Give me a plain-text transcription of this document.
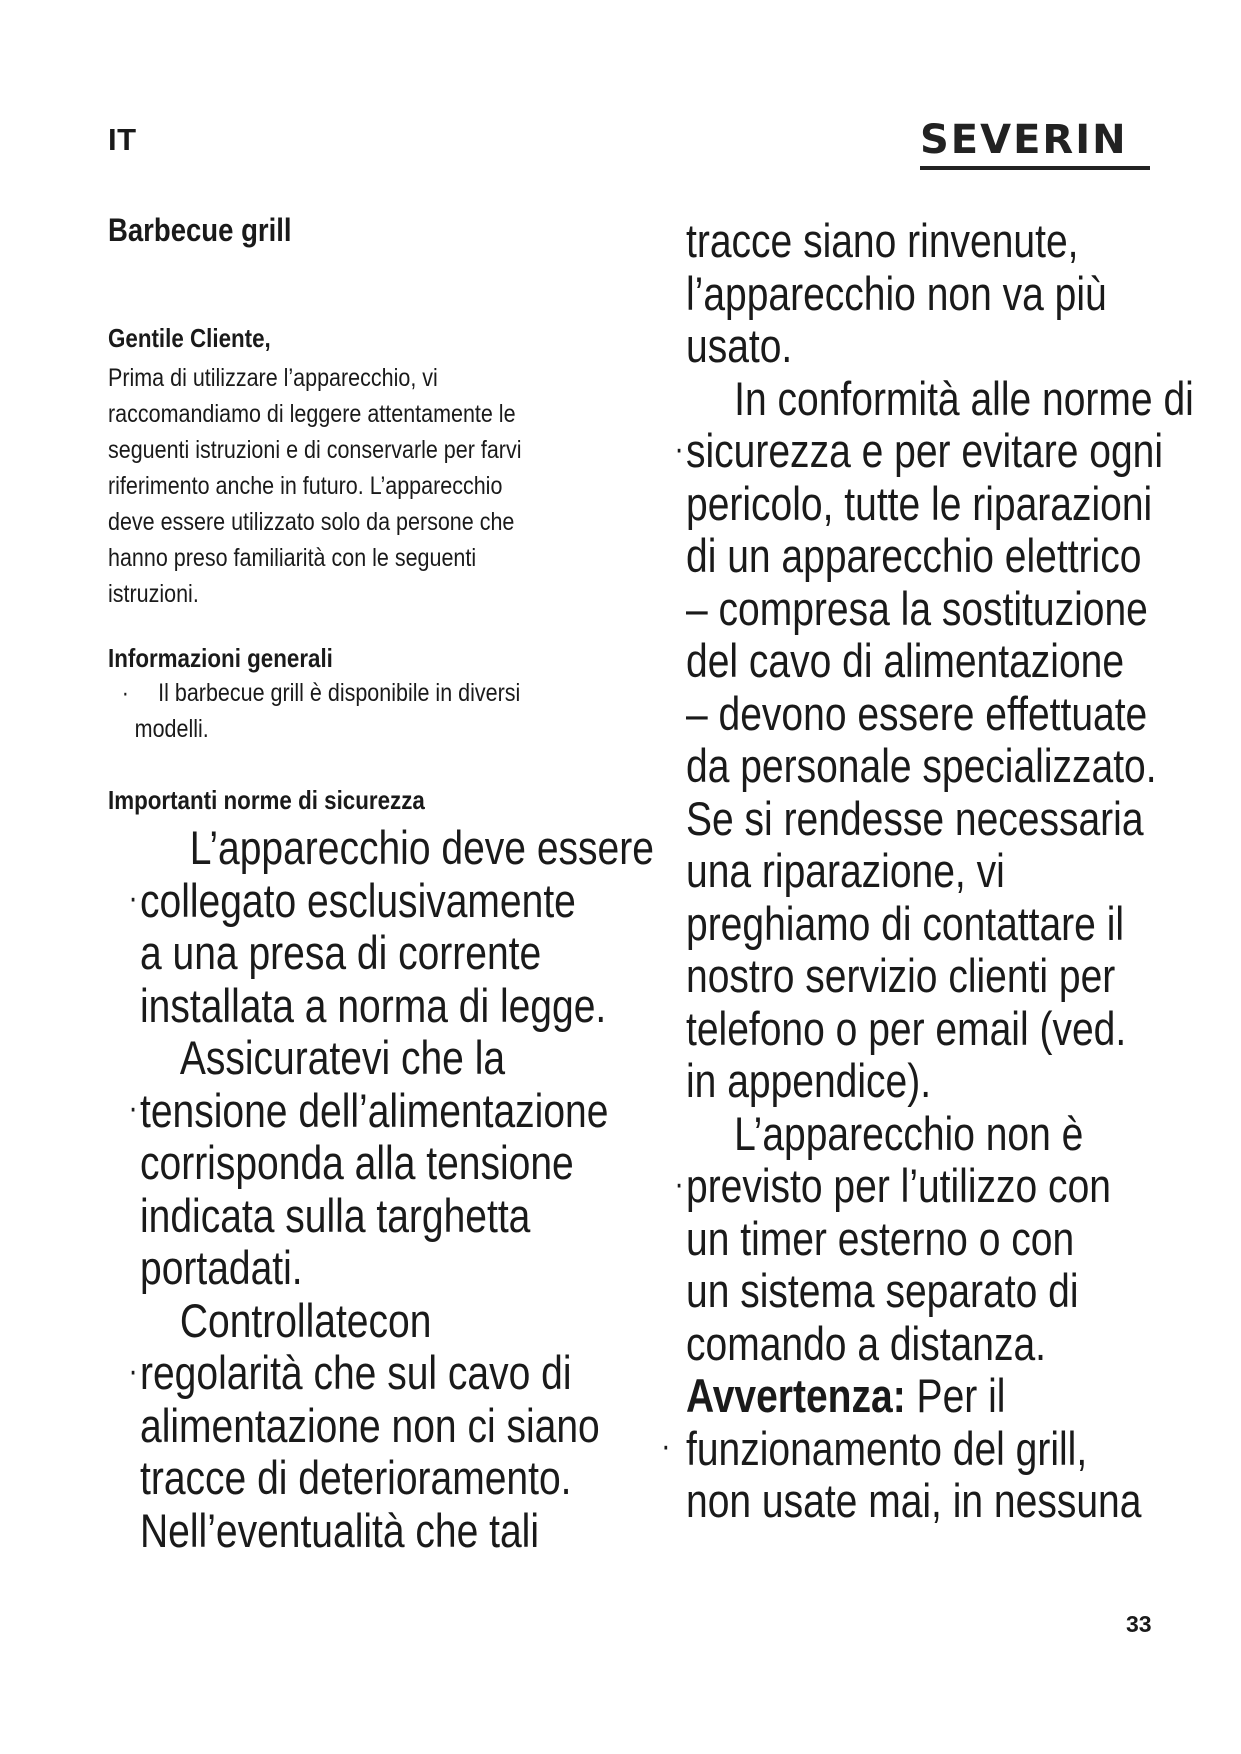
IT	SEVERIN
Barbecue grill
Gentile Cliente,
Prima di utilizzare l’apparecchio, vi
raccomandiamo di leggere attentamente le
seguenti istruzioni e di conservarle per farvi
riferimento anche in futuro. L’apparecchio
deve essere utilizzato solo da persone che
hanno preso familiarità con le seguenti
istruzioni.
Informazioni generali
· Il barbecue grill è disponibile in diversi
modelli.
Importanti norme di sicurezza
·
L’apparecchio deve essere
collegato esclusivamente
a una presa di corrente
installata a norma di legge.
·
Assicuratevi che la
tensione dell’alimentazione
corrisponda alla tensione
indicata sulla targhetta
portadati.
·
Controllatecon
regolarità che sul cavo di
alimentazione non ci siano
tracce di deterioramento.
Nell’eventualità che tali
tracce siano rinvenute,
l’apparecchio non va più
usato.
·
In conformità alle norme di
sicurezza e per evitare ogni
pericolo, tutte le riparazioni
di un apparecchio elettrico
– compresa la sostituzione
del cavo di alimentazione
– devono essere effettuate
da personale specializzato.
Se si rendesse necessaria
una riparazione, vi
preghiamo di contattare il
nostro servizio clienti per
telefono o per email (ved.
in appendice).
·
L’apparecchio non è
previsto per l’utilizzo con
un timer esterno o con
un sistema separato di
comando a distanza.
·
Avvertenza: Per il
funzionamento del grill,
non usate mai, in nessuna
33
